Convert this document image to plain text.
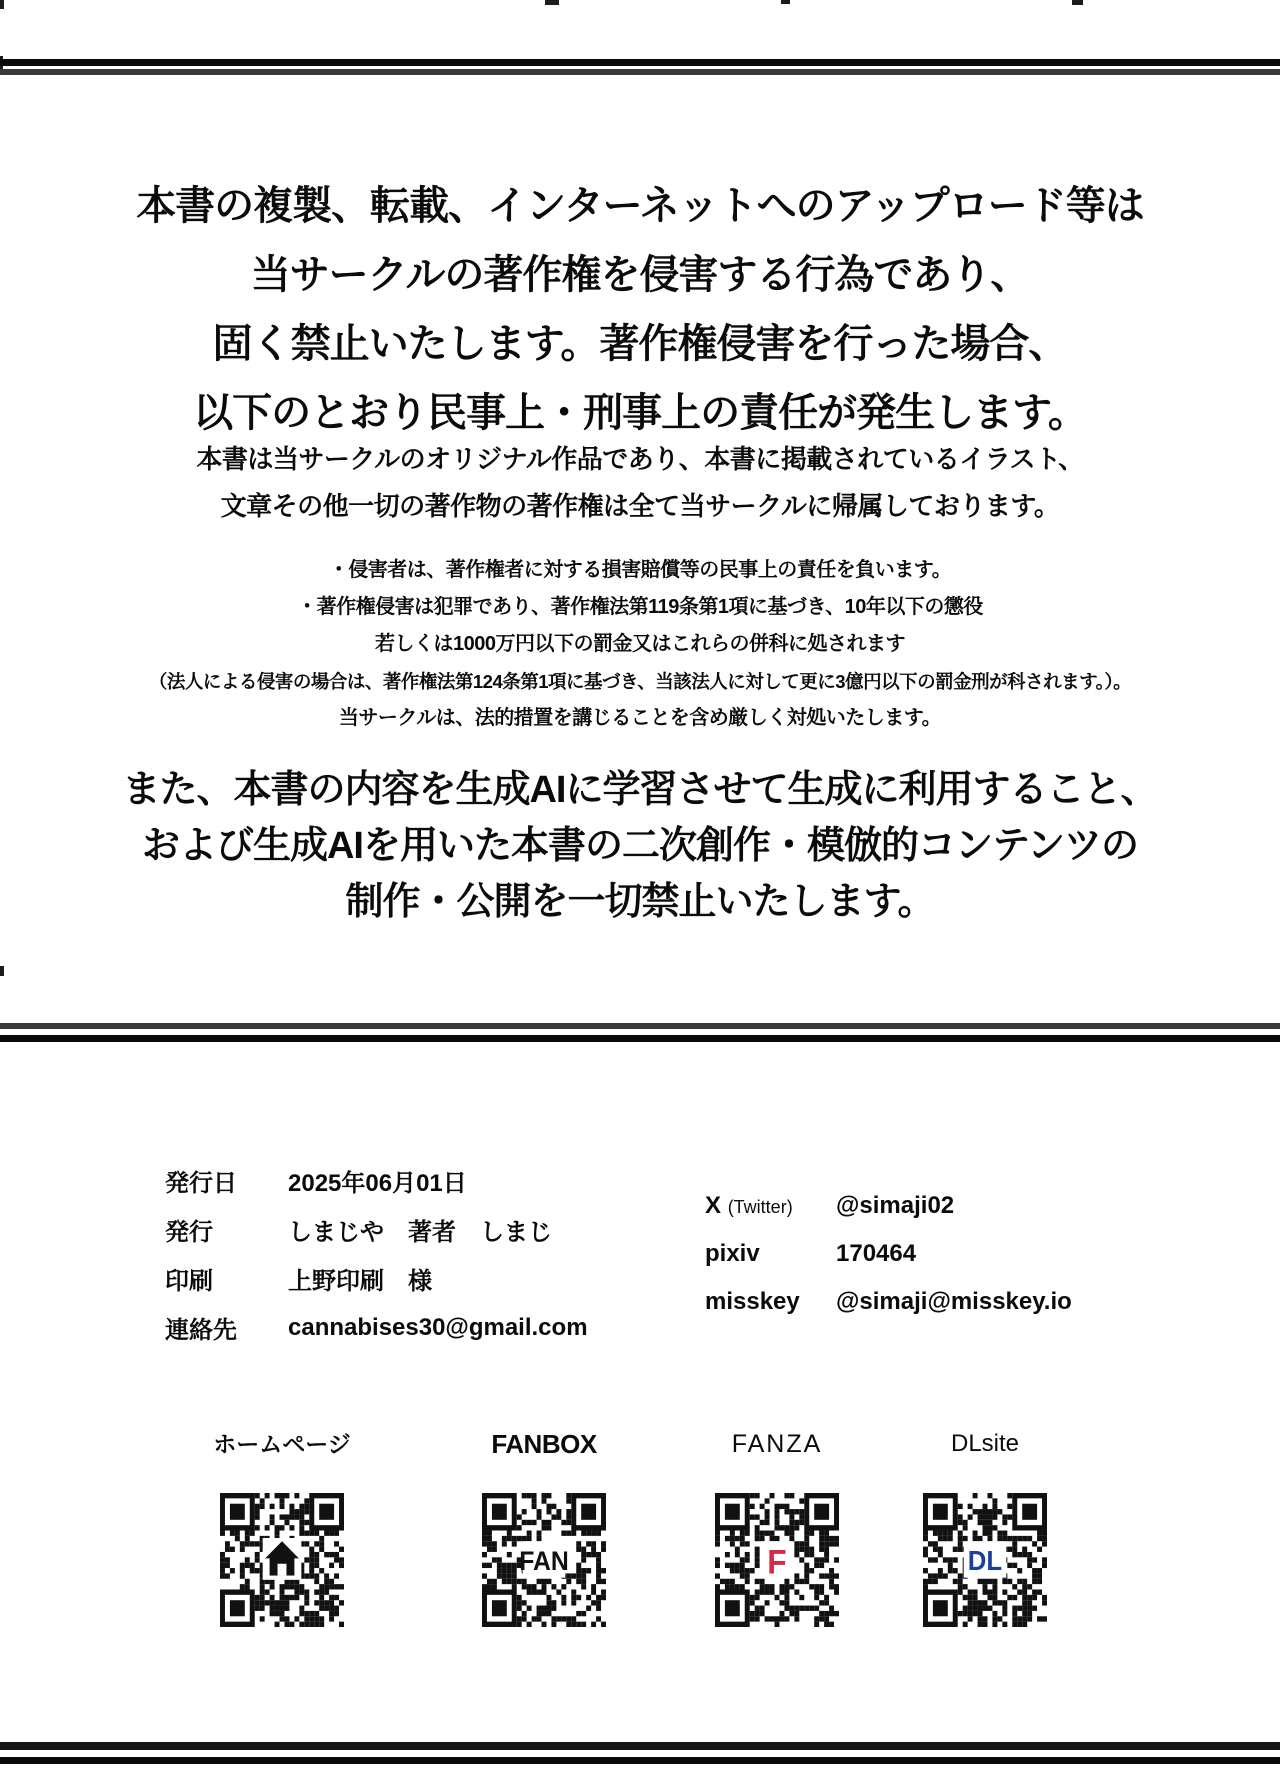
本書の複製、転載、インターネットへのアップロード等は
当サークルの著作権を侵害する行為であり、
固く禁止いたします。著作権侵害を行った場合、
以下のとおり民事上・刑事上の責任が発生します。
本書は当サークルのオリジナル作品であり、本書に掲載されているイラスト、
文章その他一切の著作物の著作権は全て当サークルに帰属しております。
・侵害者は、著作権者に対する損害賠償等の民事上の責任を負います。
・著作権侵害は犯罪であり、著作権法第119条第1項に基づき、10年以下の懲役
若しくは1000万円以下の罰金又はこれらの併科に処されます
（法人による侵害の場合は、著作権法第124条第1項に基づき、当該法人に対して更に3億円以下の罰金刑が科されます。）。
当サークルは、法的措置を講じることを含め厳しく対処いたします。
また、本書の内容を生成AIに学習させて生成に利用すること、
および生成AIを用いた本書の二次創作・模倣的コンテンツの
制作・公開を一切禁止いたします。
発行日	2025年06月01日
発行	しまじや　著者　しまじ
印刷	上野印刷　様
連絡先	cannabises30@gmail.com
X (Twitter)	@simaji02
pixiv	170464
misskey	@simaji@misskey.io
ホームページ	FANBOX
FAN
FANZA
F
DLsite
DL
